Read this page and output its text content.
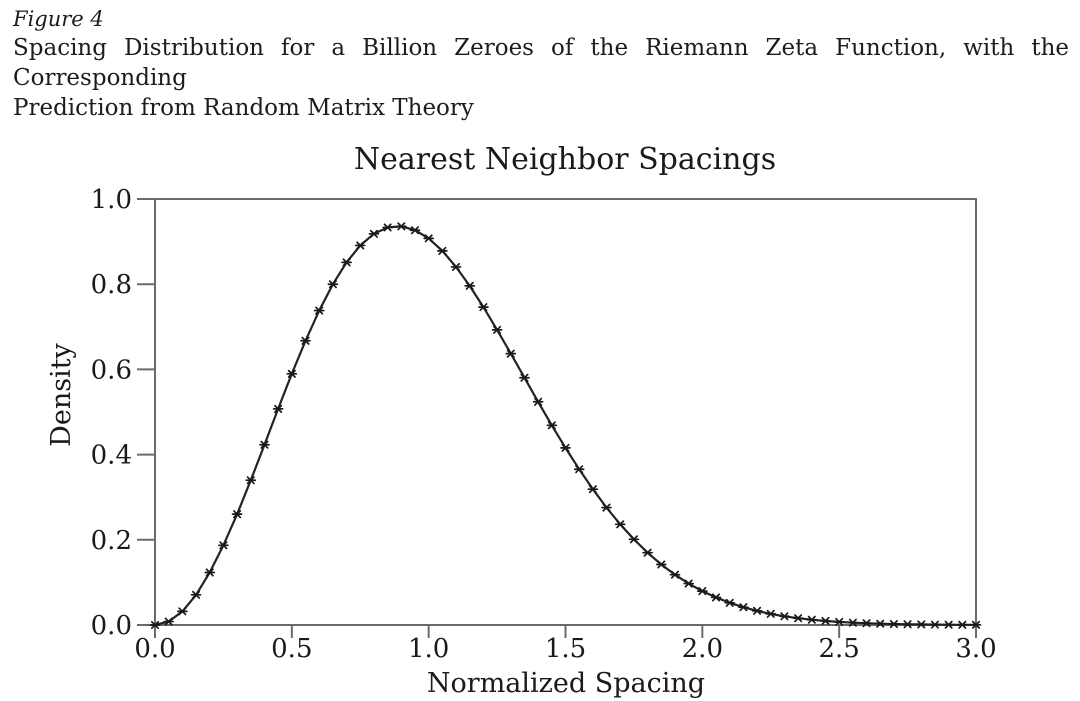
Figure 4
Spacing Distribution for a Billion Zeroes of the Riemann Zeta Function, with the Corresponding
Prediction from Random Matrix Theory
Nearest Neighbor Spacings
0.0	0.5	1.0	1.5	2.0	2.5	3.0
0.0
0.2
0.4
0.6
0.8
1.0
Density
Normalized Spacing
